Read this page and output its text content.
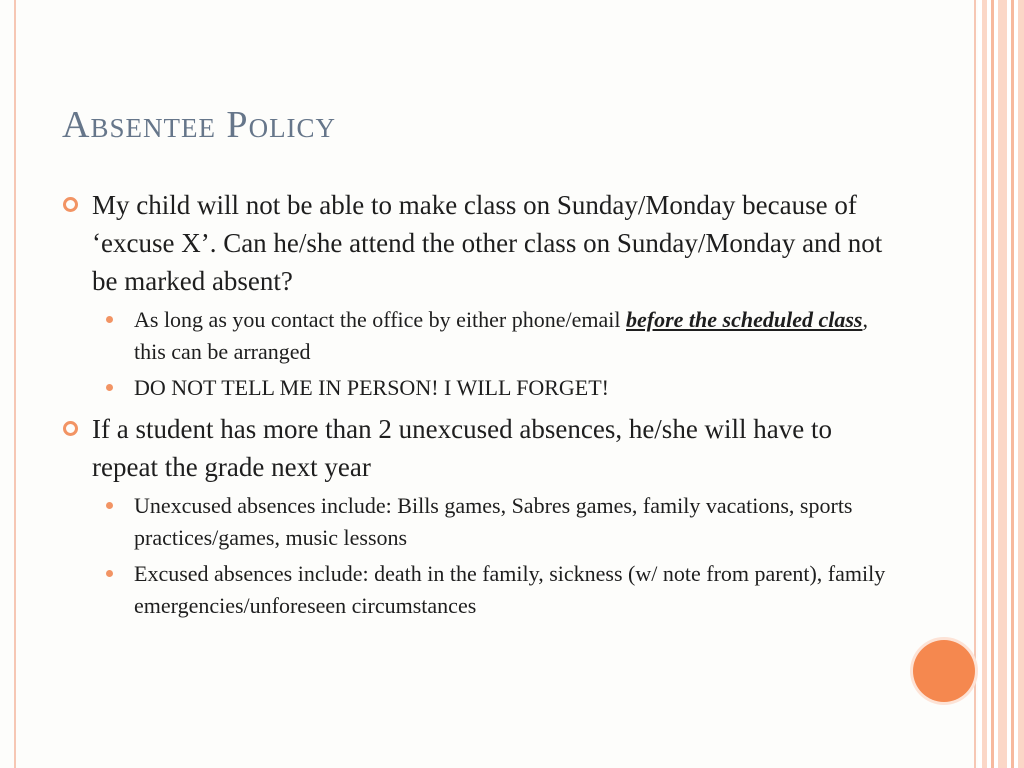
Absentee Policy
My child will not be able to make class on Sunday/Monday because of ‘excuse X’. Can he/she attend the other class on Sunday/Monday and not be marked absent?
As long as you contact the office by either phone/email before the scheduled class, this can be arranged
DO NOT TELL ME IN PERSON! I WILL FORGET!
If a student has more than 2 unexcused absences, he/she will have to repeat the grade next year
Unexcused absences include: Bills games, Sabres games, family vacations, sports practices/games, music lessons
Excused absences include: death in the family, sickness (w/ note from parent), family emergencies/unforeseen circumstances
